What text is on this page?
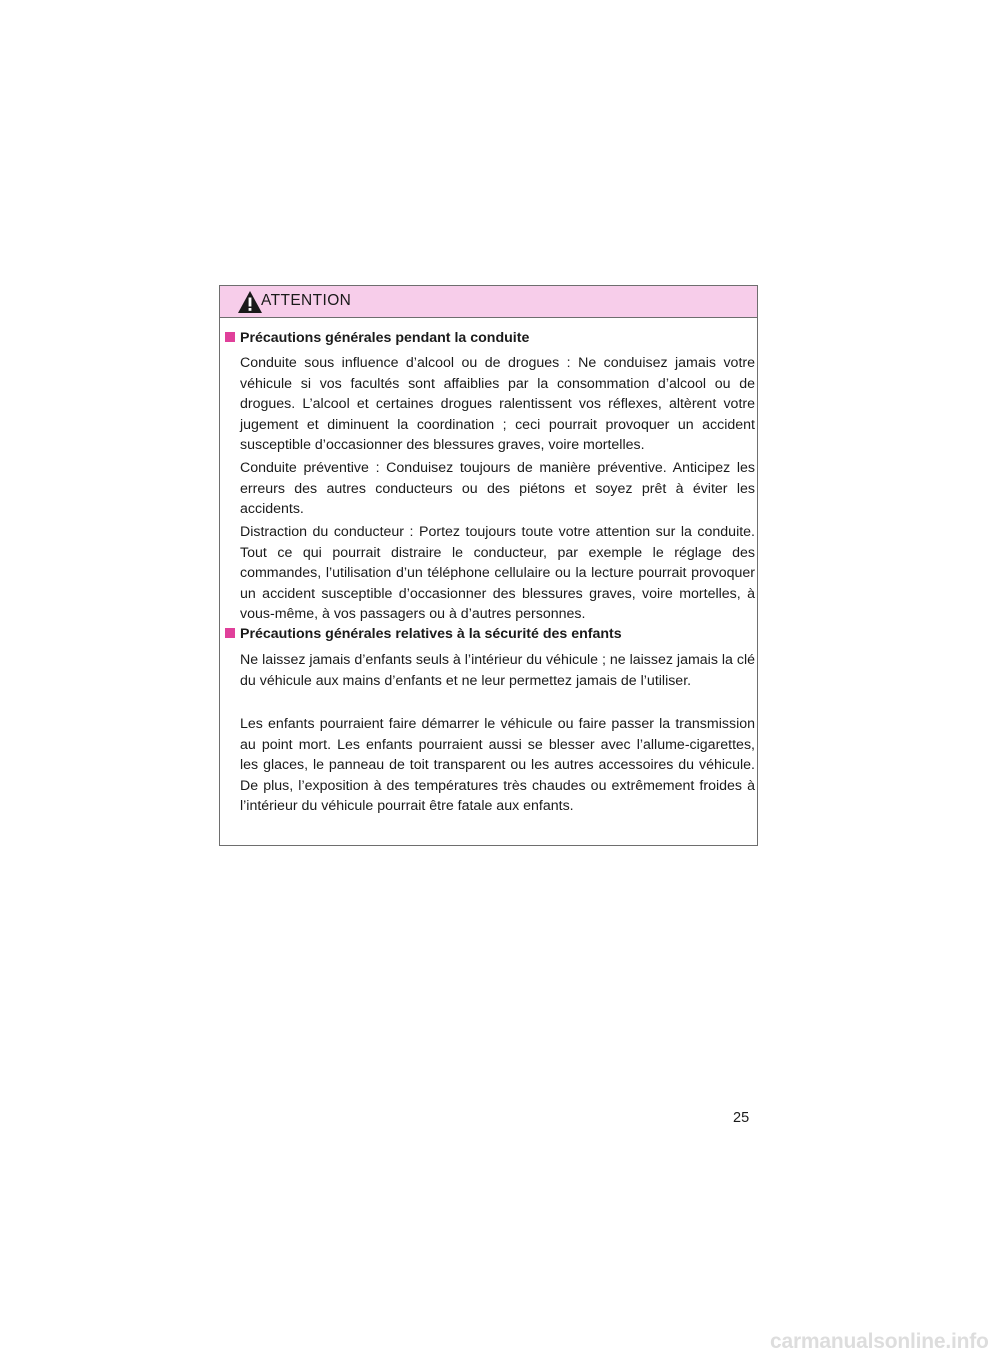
ATTENTION
Précautions générales pendant la conduite
Conduite sous influence d’alcool ou de drogues : Ne conduisez jamais votre véhicule si vos facultés sont affaiblies par la consommation d’alcool ou de drogues. L’alcool et certaines drogues ralentissent vos réflexes, altèrent votre jugement et diminuent la coordination ; ceci pourrait provoquer un accident susceptible d’occasionner des blessures graves, voire mortelles.
Conduite préventive : Conduisez toujours de manière préventive. Anticipez les erreurs des autres conducteurs ou des piétons et soyez prêt à éviter les accidents.
Distraction du conducteur : Portez toujours toute votre attention sur la conduite. Tout ce qui pourrait distraire le conducteur, par exemple le réglage des commandes, l’utilisation d’un téléphone cellulaire ou la lecture pourrait provoquer un accident susceptible d’occasionner des blessures graves, voire mortelles, à vous-même, à vos passagers ou à d’autres personnes.
Précautions générales relatives à la sécurité des enfants
Ne laissez jamais d’enfants seuls à l’intérieur du véhicule ; ne laissez jamais la clé du véhicule aux mains d’enfants et ne leur permettez jamais de l’utiliser.
Les enfants pourraient faire démarrer le véhicule ou faire passer la transmission au point mort. Les enfants pourraient aussi se blesser avec l’allume-cigarettes, les glaces, le panneau de toit transparent ou les autres accessoires du véhicule. De plus, l’exposition à des températures très chaudes ou extrêmement froides à l’intérieur du véhicule pourrait être fatale aux enfants.
25
carmanualsonline.info
